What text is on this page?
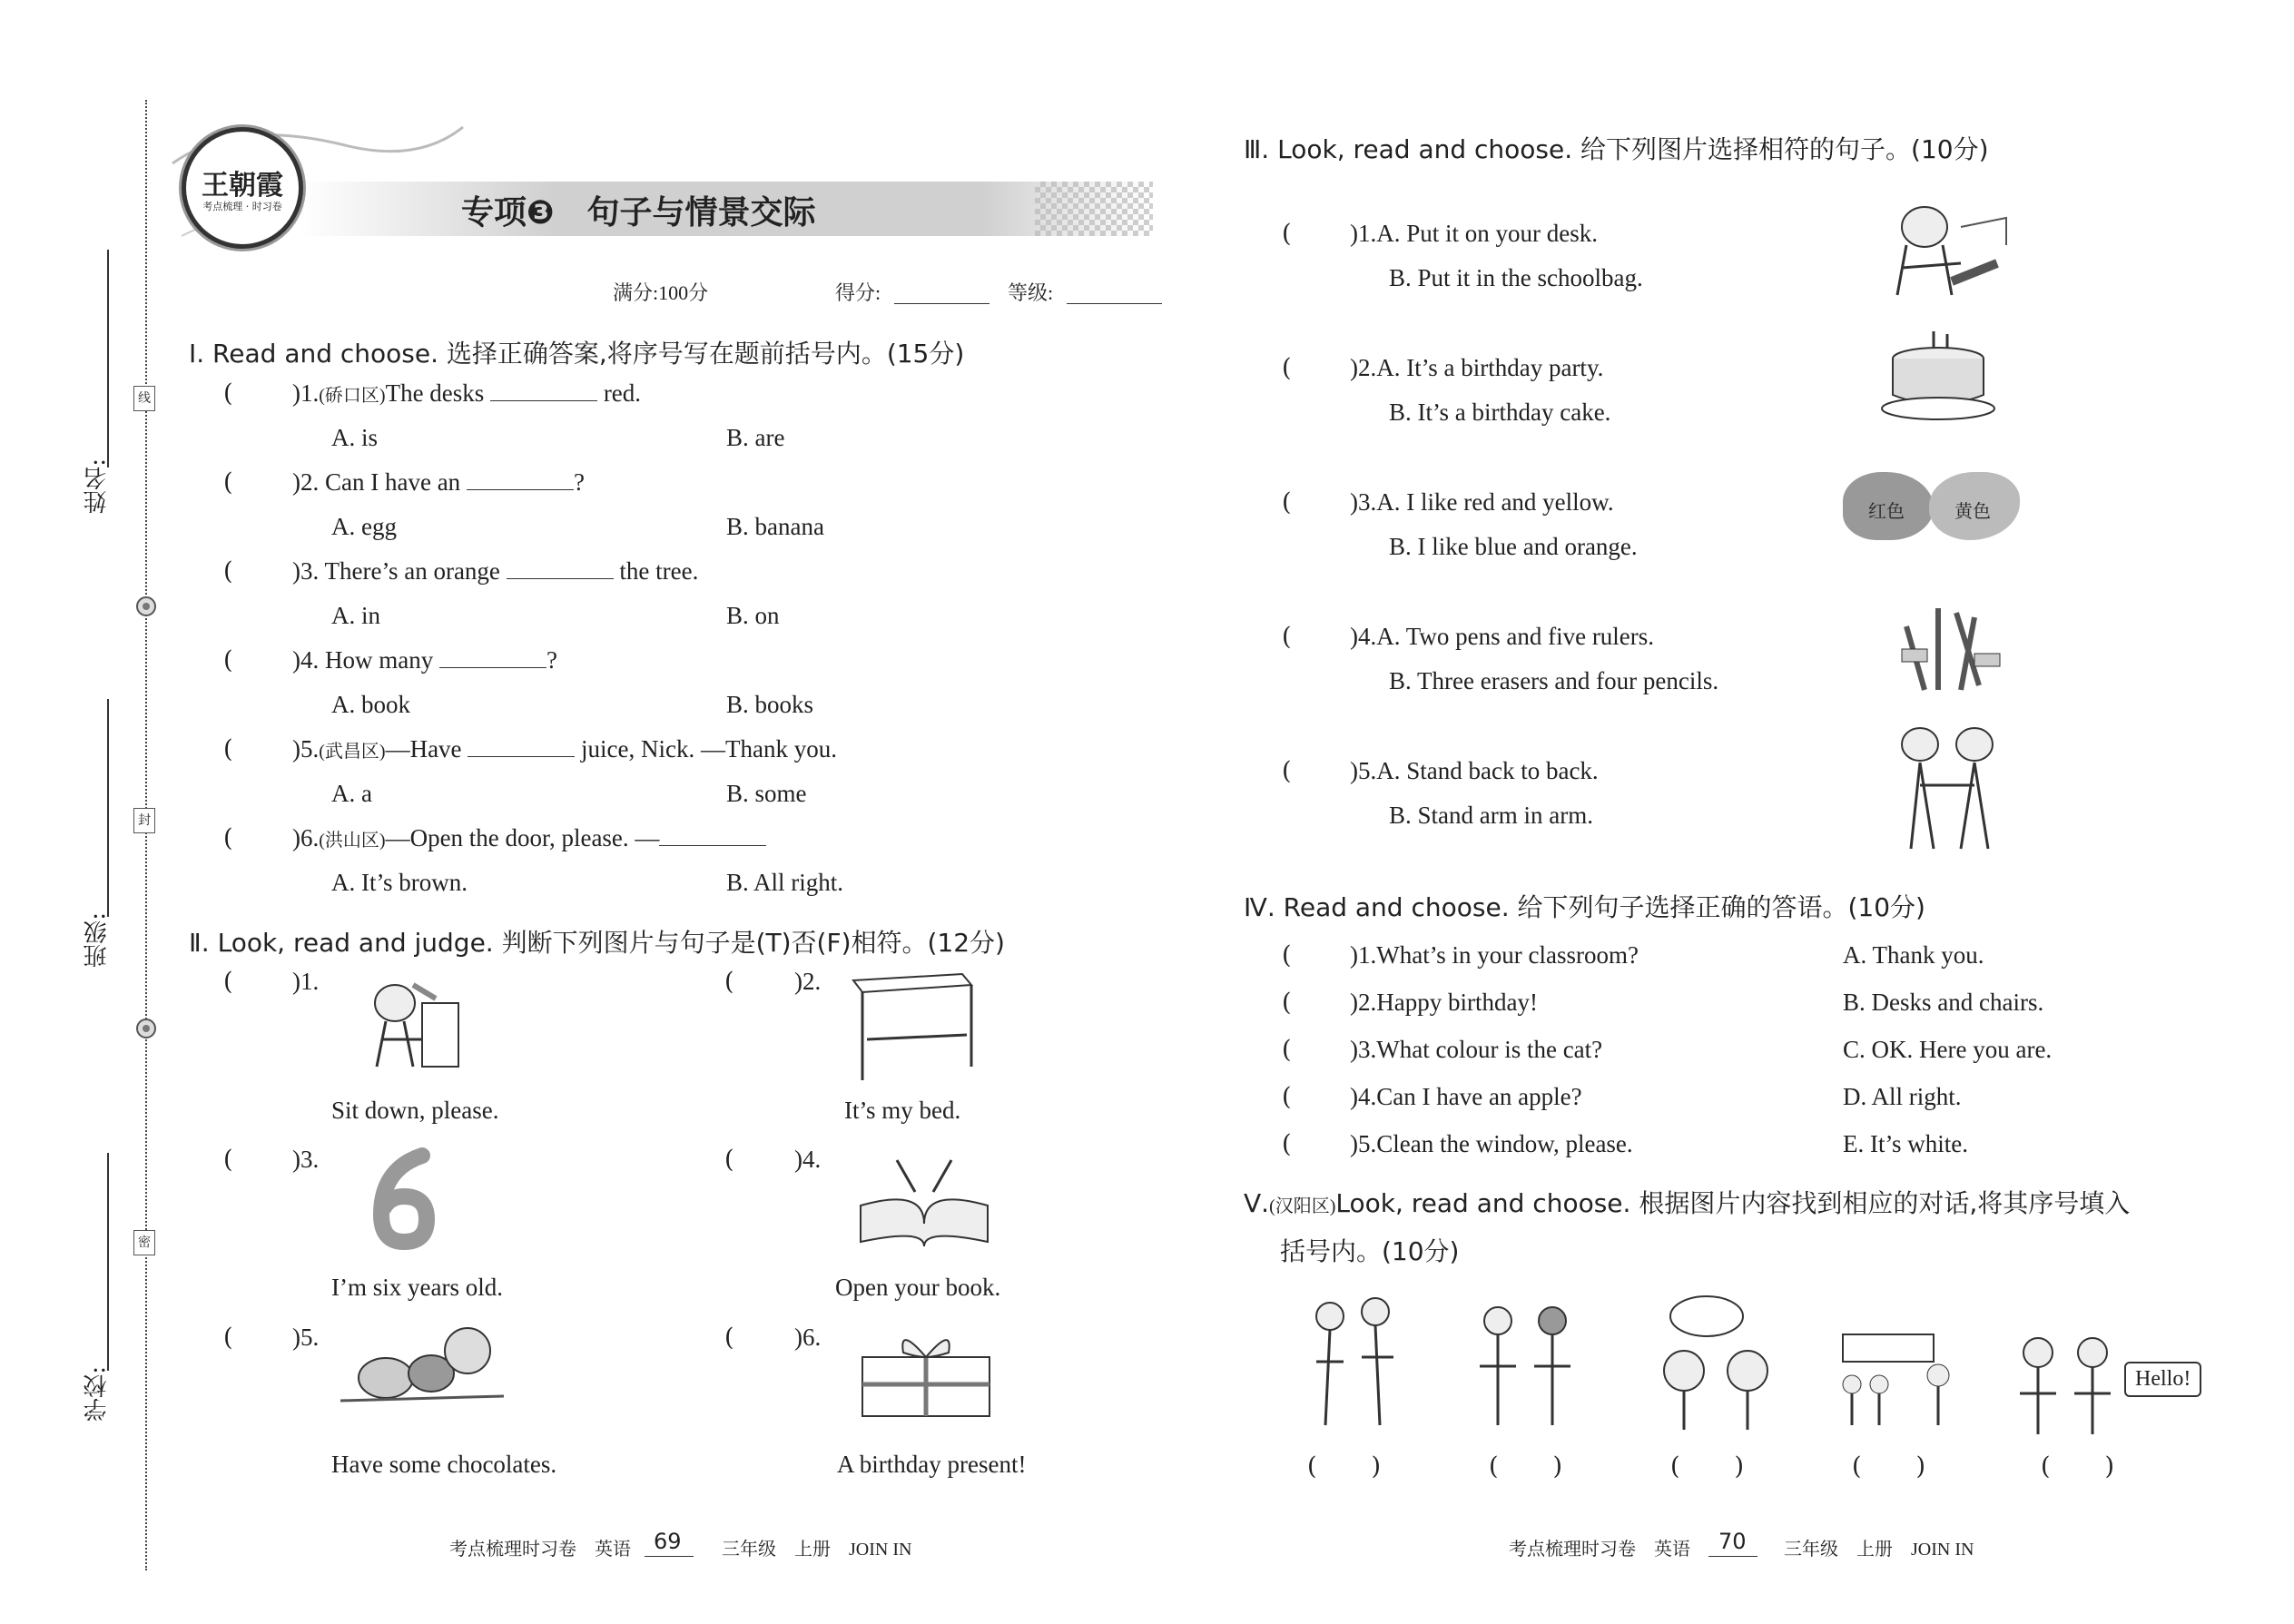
姓名:
班级:
学校:
线
封
密
王朝霞
考点梳理 · 时习卷	专项❸　句子与情景交际
满分:100分	得分:	等级:
Ⅰ. Read and choose. 选择正确答案,将序号写在题前括号内。(15分)
( )1.(硚口区)The desks	red.
A. is	B. are
( )2. Can I have an	?
A. egg	B. banana
( )3. There’s an orange	the tree.
A. in	B. on
( )4. How many	?
A. book	B. books
( )5.(武昌区)—Have	juice, Nick. —Thank you.
A. a	B. some
( )6.(洪山区)—Open the door, please. —
A. It’s brown.	B. All right.
Ⅱ. Look, read and judge. 判断下列图片与句子是(T)否(F)相符。(12分)
( )1.
Sit down, please.
( )2.
It’s my bed.
( )3.
I’m six years old.
( )4.
Open your book.
( )5.
Have some chocolates.
( )6.
A birthday present!
考点梳理时习卷　英语 69 三年级　上册　JOIN IN
Ⅲ. Look, read and choose. 给下列图片选择相符的句子。(10分)
( )1.A. Put it on your desk.
B. Put it in the schoolbag.
( )2.A. It’s a birthday party.
B. It’s a birthday cake.
( )3.A. I like red and yellow.
B. I like blue and orange.
红色	黄色
( )4.A. Two pens and five rulers.
B. Three erasers and four pencils.
( )5.A. Stand back to back.
B. Stand arm in arm.
Ⅳ. Read and choose. 给下列句子选择正确的答语。(10分)
( )1.What’s in your classroom?	A. Thank you.
( )2.Happy birthday!	B. Desks and chairs.
( )3.What colour is the cat?	C. OK. Here you are.
( )4.Can I have an apple?	D. All right.
( )5.Clean the window, please.	E. It’s white.
Ⅴ.(汉阳区)Look, read and choose. 根据图片内容找到相应的对话,将其序号填入
括号内。(10分)
Hello!
( )	( )	( )	( )	( )
考点梳理时习卷　英语 70 三年级　上册　JOIN IN
